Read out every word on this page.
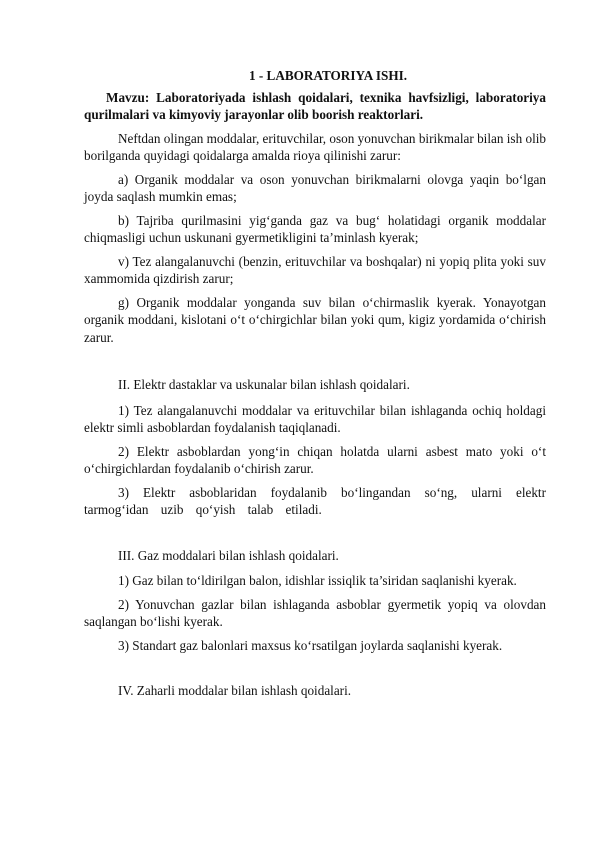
1 - LABORATORIYA ISHI.

Mavzu: Laboratoriyada ishlash qoidalari, texnika havfsizligi, laboratoriya qurilmalari va kimyoviy jarayonlar olib boorish reaktorlari.

Neftdan olingan moddalar, erituvchilar, oson yonuvchan birikmalar bilan ish olib borilganda quyidagi qoidalarga amalda rioya qilinishi zarur:

a) Organik moddalar va oson yonuvchan birikmalarni olovga yaqin bo‘lgan joyda saqlash mumkin emas;

b) Tajriba qurilmasini yig‘ganda gaz va bug‘ holatidagi organik moddalar chiqmasligi uchun uskunani gyermetikligini ta’minlash kyerak;

v) Tez alangalanuvchi (benzin, erituvchilar va boshqalar) ni yopiq plita yoki suv xammomida qizdirish zarur;

g) Organik moddalar yonganda suv bilan o‘chirmaslik kyerak. Yonayotgan organik moddani, kislotani o‘t o‘chirgichlar bilan yoki qum, kigiz yordamida o‘chirish zarur.

II. Elektr dastaklar va uskunalar bilan ishlash qoidalari.

1) Tez alangalanuvchi moddalar va erituvchilar bilan ishlaganda ochiq holdagi elektr simli asboblardan foydalanish taqiqlanadi.

2) Elektr asboblardan yong‘in chiqan holatda ularni asbest mato yoki o‘t o‘chirgichlardan foydalanib o‘chirish zarur.

3) Elektr asboblaridan foydalanib bo‘lingandan so‘ng, ularni elektr tarmog‘idan uzib qo‘yish talab etiladi.

III. Gaz moddalari bilan ishlash qoidalari.

1) Gaz bilan to‘ldirilgan balon, idishlar issiqlik ta’siridan saqlanishi kyerak.

2) Yonuvchan gazlar bilan ishlaganda asboblar gyermetik yopiq va olovdan saqlangan bo‘lishi kyerak.

3) Standart gaz balonlari maxsus ko‘rsatilgan joylarda saqlanishi kyerak.

IV. Zaharli moddalar bilan ishlash qoidalari.
